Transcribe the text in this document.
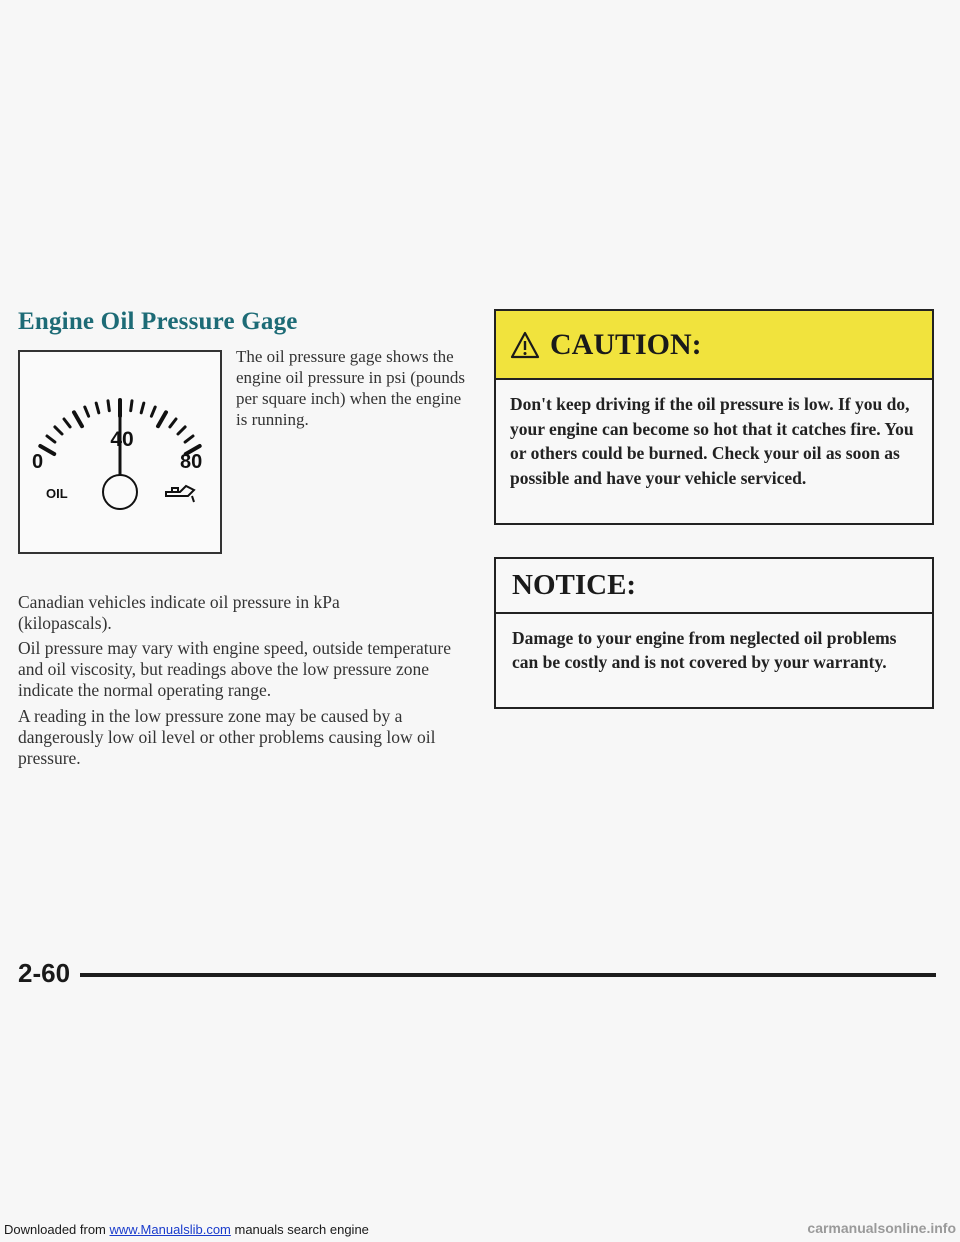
Engine Oil Pressure Gage
0
40
80
OIL
The oil pressure gage shows the engine oil pressure in psi (pounds per square inch) when the engine is running.

Canadian vehicles indicate oil pressure in kPa (kilopascals).

Oil pressure may vary with engine speed, outside temperature and oil viscosity, but readings above the low pressure zone indicate the normal operating range.

A reading in the low pressure zone may be caused by a dangerously low oil level or other problems causing low oil pressure.

CAUTION:
Don't keep driving if the oil pressure is low. If you do, your engine can become so hot that it catches fire. You or others could be burned. Check your oil as soon as possible and have your vehicle serviced.
NOTICE:
Damage to your engine from neglected oil problems can be costly and is not covered by your warranty.
2-60
Downloaded from www.Manualslib.com manuals search engine	carmanualsonline.info
